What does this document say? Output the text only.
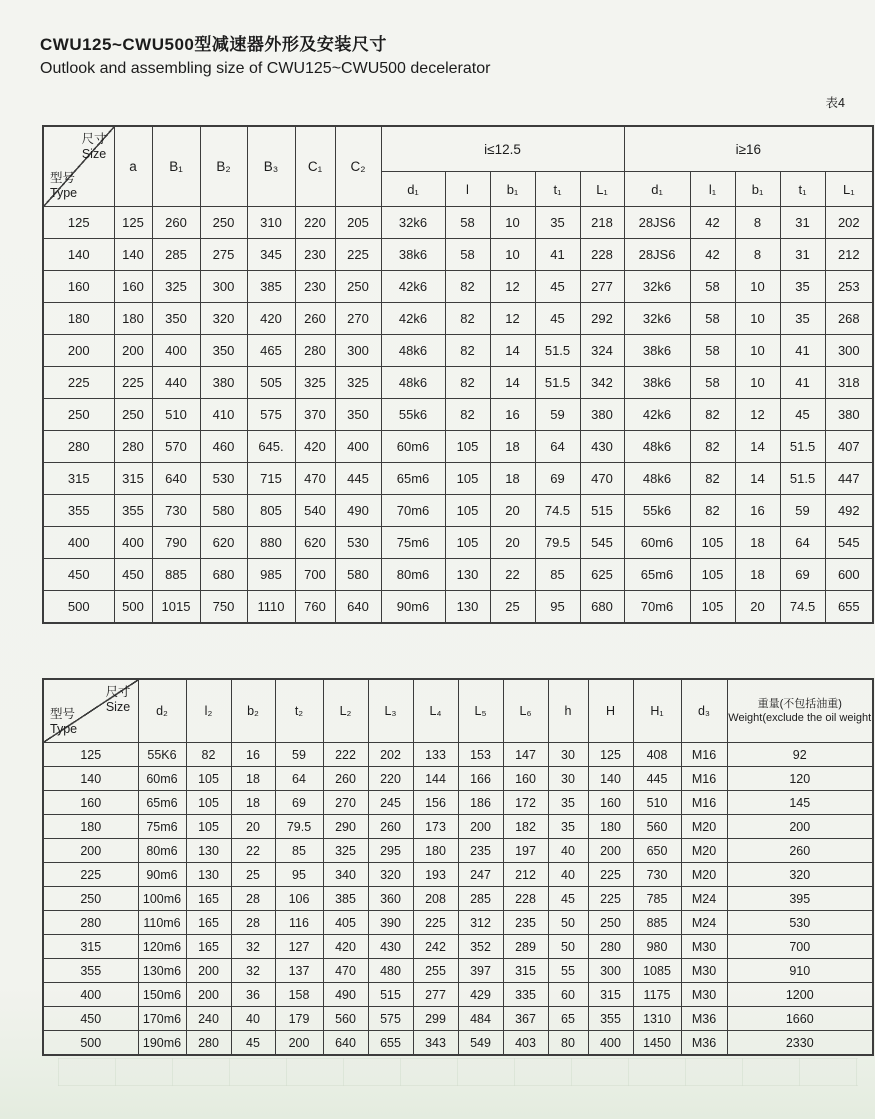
CWU125~CWU500型减速器外形及安装尺寸
Outlook and assembling size of CWU125~CWU500 decelerator
表4
尺寸
Size
型号
Type	a	B₁	B₂	B₃	C₁	C₂	i≤12.5					i≥16				
							d₁	l	b₁	t₁	L₁	d₁	l₁	b₁	t₁	L₁
125	125	260	250	310	220	205	32k6	58	10	35	218	28JS6	42	8	31	202
140	140	285	275	345	230	225	38k6	58	10	41	228	28JS6	42	8	31	212
160	160	325	300	385	230	250	42k6	82	12	45	277	32k6	58	10	35	253
180	180	350	320	420	260	270	42k6	82	12	45	292	32k6	58	10	35	268
200	200	400	350	465	280	300	48k6	82	14	51.5	324	38k6	58	10	41	300
225	225	440	380	505	325	325	48k6	82	14	51.5	342	38k6	58	10	41	318
250	250	510	410	575	370	350	55k6	82	16	59	380	42k6	82	12	45	380
280	280	570	460	645.	420	400	60m6	105	18	64	430	48k6	82	14	51.5	407
315	315	640	530	715	470	445	65m6	105	18	69	470	48k6	82	14	51.5	447
355	355	730	580	805	540	490	70m6	105	20	74.5	515	55k6	82	16	59	492
400	400	790	620	880	620	530	75m6	105	20	79.5	545	60m6	105	18	64	545
450	450	885	680	985	700	580	80m6	130	22	85	625	65m6	105	18	69	600
500	500	1015	750	1110	760	640	90m6	130	25	95	680	70m6	105	20	74.5	655
尺寸
Size
型号
Type	d₂	l₂	b₂	t₂	L₂	L₃	L₄	L₅	L₆	h	H	H₁	d₃	重量(不包括油重) Weight(exclude the oil weight
125	55K6	82	16	59	222	202	133	153	147	30	125	408	M16	92
140	60m6	105	18	64	260	220	144	166	160	30	140	445	M16	120
160	65m6	105	18	69	270	245	156	186	172	35	160	510	M16	145
180	75m6	105	20	79.5	290	260	173	200	182	35	180	560	M20	200
200	80m6	130	22	85	325	295	180	235	197	40	200	650	M20	260
225	90m6	130	25	95	340	320	193	247	212	40	225	730	M20	320
250	100m6	165	28	106	385	360	208	285	228	45	225	785	M24	395
280	110m6	165	28	116	405	390	225	312	235	50	250	885	M24	530
315	120m6	165	32	127	420	430	242	352	289	50	280	980	M30	700
355	130m6	200	32	137	470	480	255	397	315	55	300	1085	M30	910
400	150m6	200	36	158	490	515	277	429	335	60	315	1175	M30	1200
450	170m6	240	40	179	560	575	299	484	367	65	355	1310	M36	1660
500	190m6	280	45	200	640	655	343	549	403	80	400	1450	M36	2330
